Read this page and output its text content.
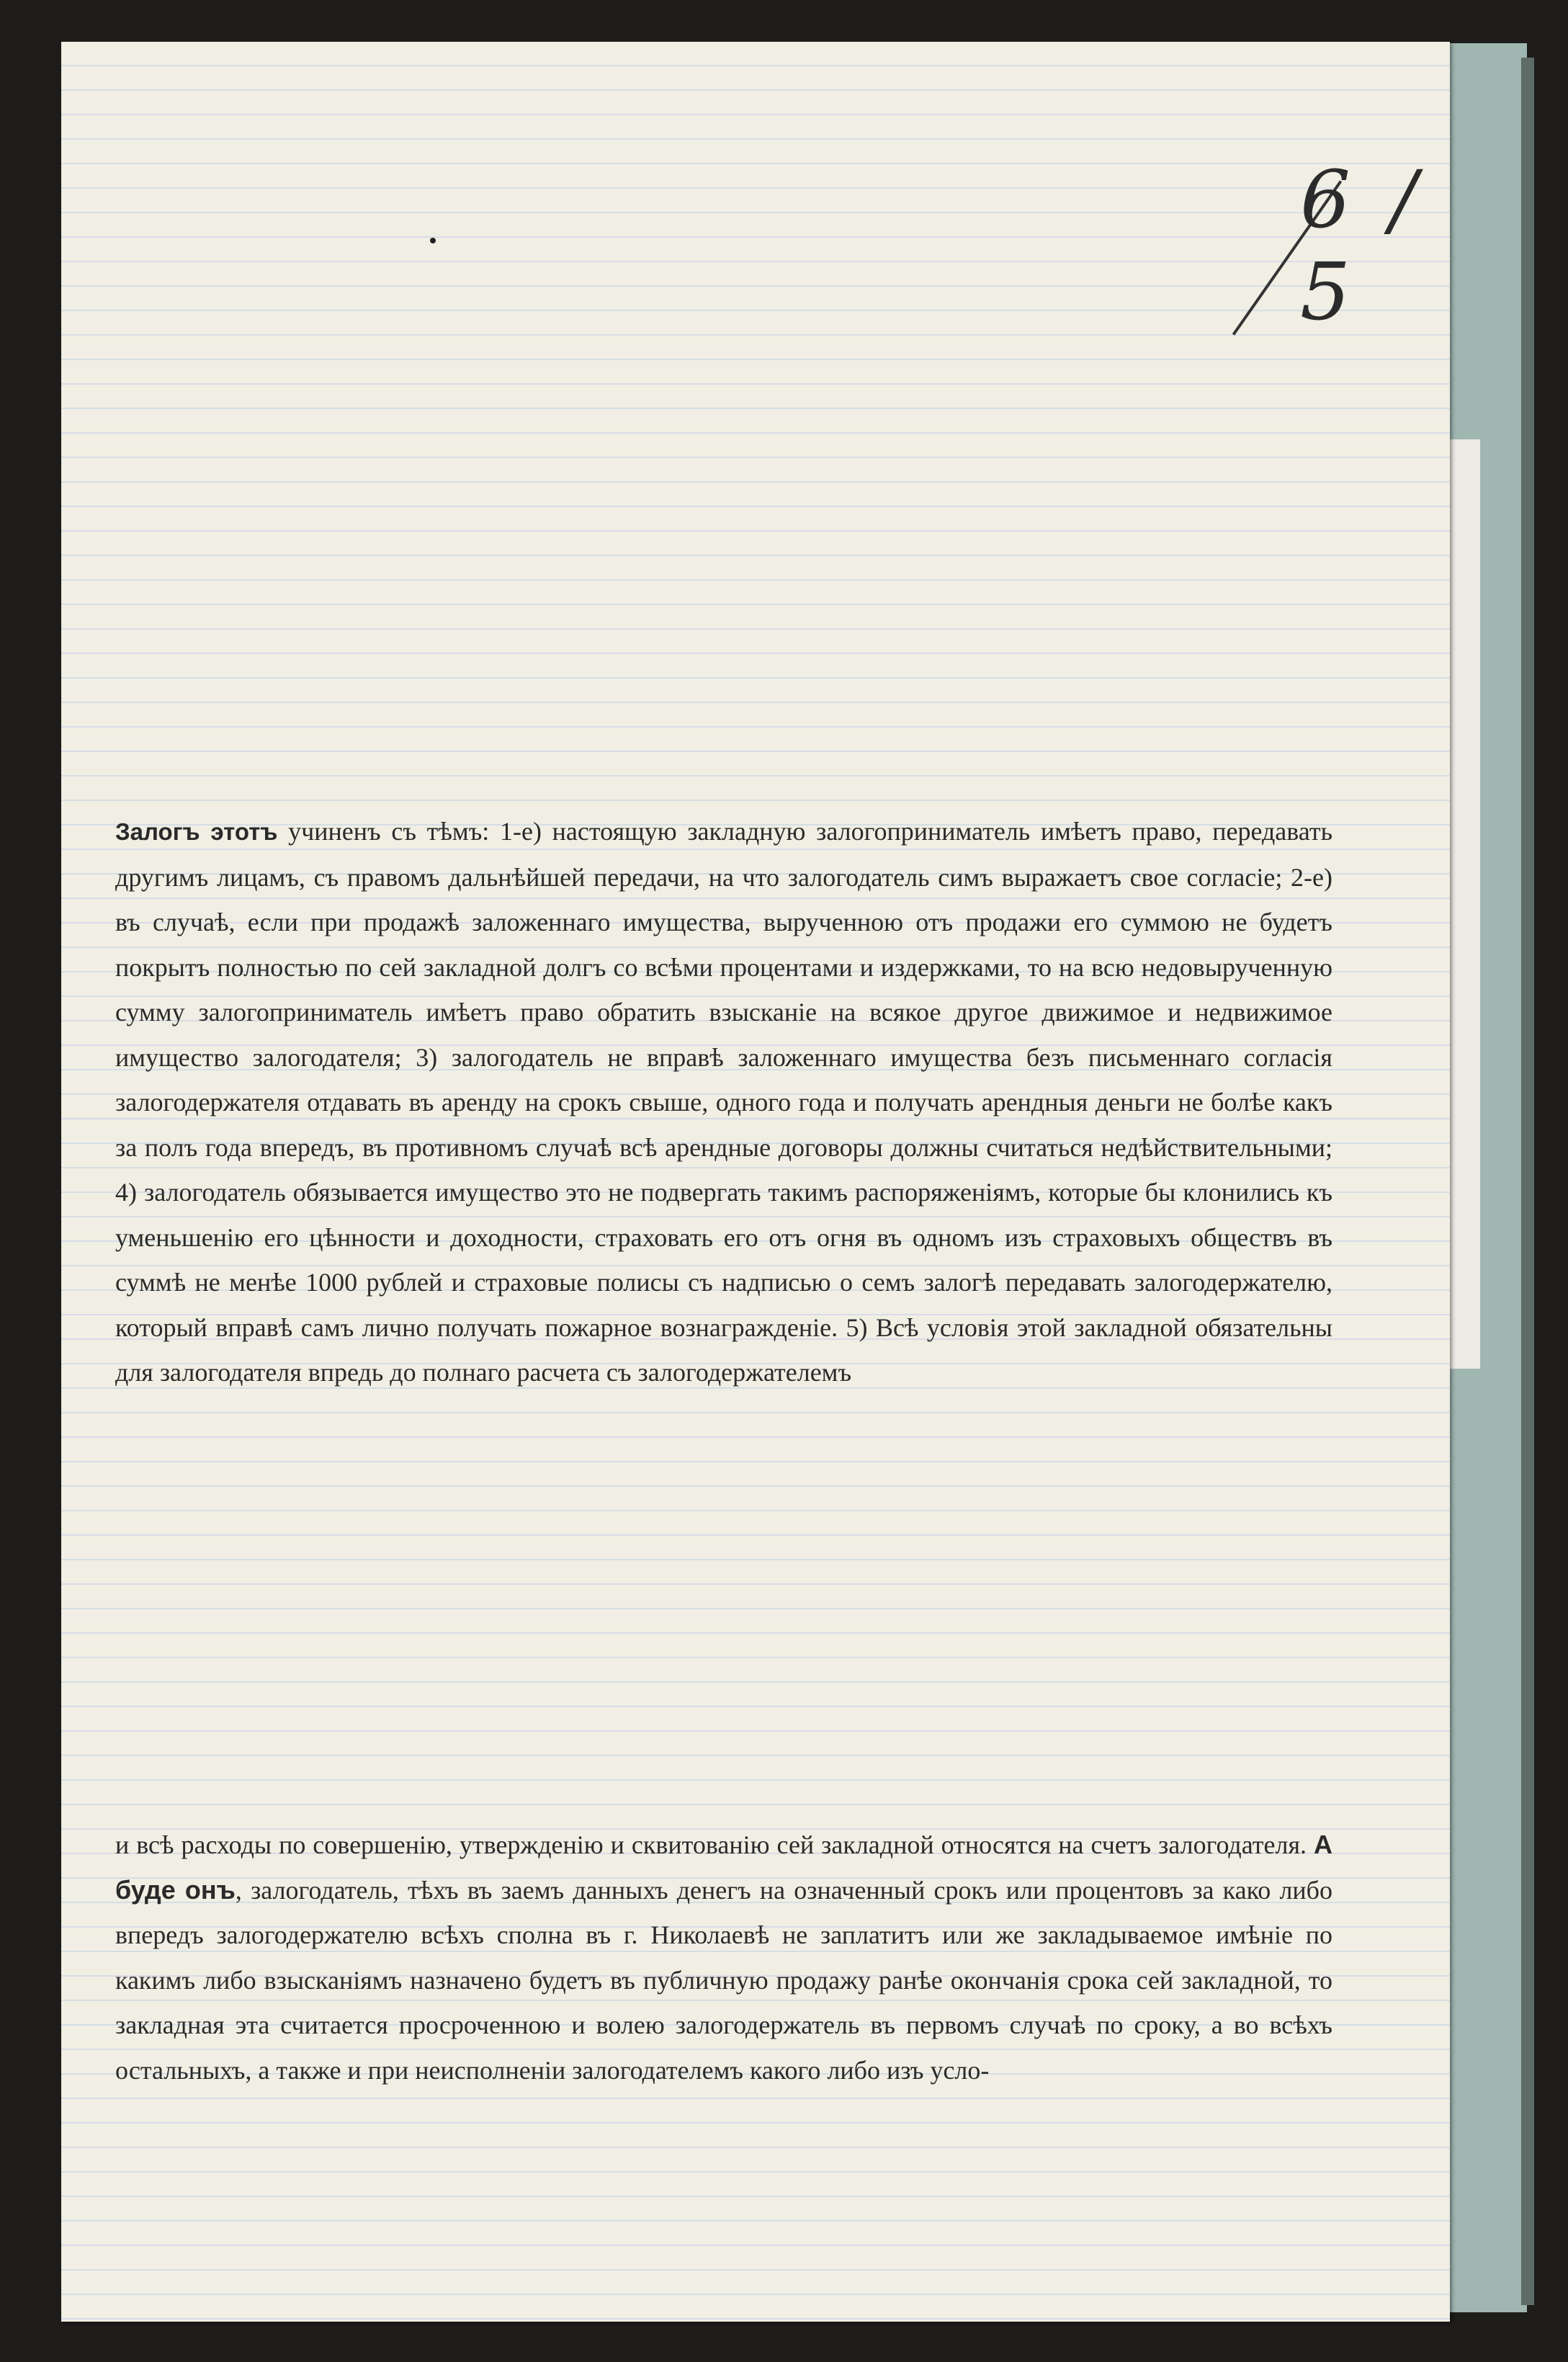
6 / 5

Залогъ этотъ учиненъ съ тѣмъ: 1-е) настоящую закладную залогоприниматель имѣетъ право, передавать другимъ лицамъ, съ правомъ дальнѣйшей передачи, на что залогодатель симъ выражаетъ свое согласіе; 2-е) въ случаѣ, если при продажѣ заложеннаго имущества, вырученною отъ продажи его суммою не будетъ покрытъ полностью по сей закладной долгъ со всѣми процентами и издержками, то на всю недовырученную сумму залогоприниматель имѣетъ право обратить взысканіе на всякое другое движимое и недвижимое имущество залогодателя; 3) залогодатель не вправѣ заложеннаго имущества безъ письменнаго согласія залогодержателя отдавать въ аренду на срокъ свыше, одного года и получать арендныя деньги не болѣе какъ за полъ года впередъ, въ противномъ случаѣ всѣ арендные договоры должны считаться недѣйствительными; 4) залогодатель обязывается имущество это не подвергать такимъ распоряженіямъ, которые бы клонились къ уменьшенію его цѣнности и доходности, страховать его отъ огня въ одномъ изъ страховыхъ обществъ въ суммѣ не менѣе 1000 рублей и страховые полисы съ надписью о семъ залогѣ передавать залогодержателю, который вправѣ самъ лично получать пожарное вознагражденіе. 5) Всѣ условія этой закладной обязательны для залогодателя впредь до полнаго расчета съ залогодержателемъ

и всѣ расходы по совершенію, утвержденію и сквитованію сей закладной относятся на счетъ залогодателя. А буде онъ, залогодатель, тѣхъ въ заемъ данныхъ денегъ на означенный срокъ или процентовъ за како либо впередъ залогодержателю всѣхъ сполна въ г. Николаевѣ не заплатитъ или же закладываемое имѣніе по какимъ либо взысканіямъ назначено будетъ въ публичную продажу ранѣе окончанія срока сей закладной, то закладная эта считается просроченною и волею залогодержатель въ первомъ случаѣ по сроку, а во всѣхъ остальныхъ, а также и при неисполненіи залогодателемъ какого либо изъ усло-
